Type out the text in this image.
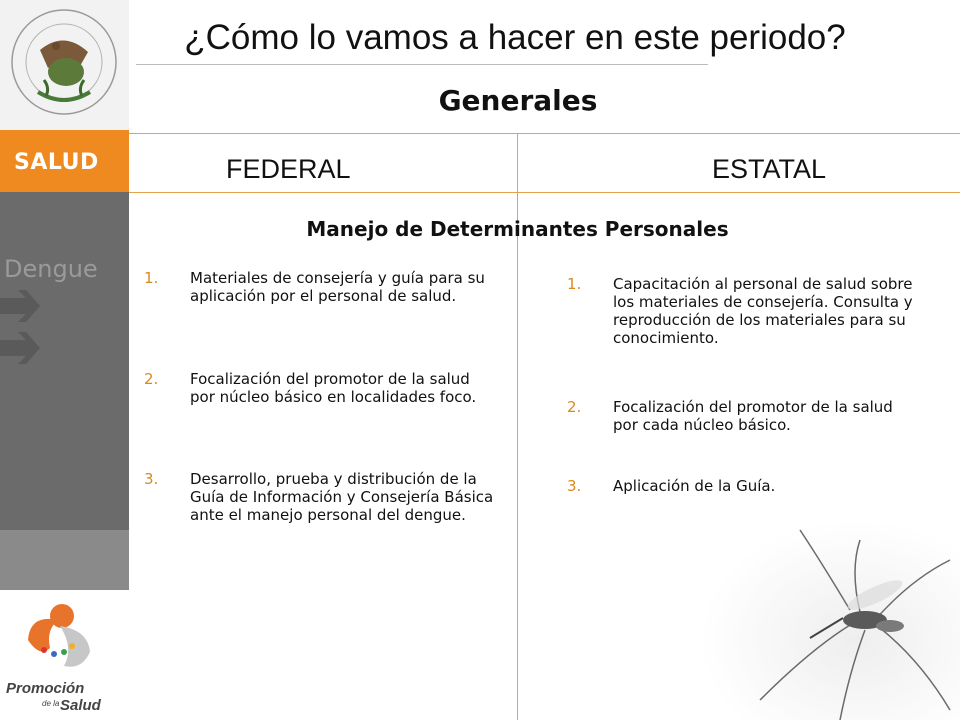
SALUD
Dengue
Promoción
de la Salud
¿Cómo lo vamos a hacer en este periodo?
Generales
FEDERAL	ESTATAL
Manejo de Determinantes Personales
1. Materiales de consejería y guía para su aplicación por el personal de salud.
2. Focalización del promotor de la salud por núcleo básico en localidades foco.
3. Desarrollo, prueba y distribución de la Guía de Información y Consejería Básica ante el manejo personal del dengue.
1. Capacitación al personal de salud sobre los materiales de consejería. Consulta y reproducción de los materiales para su conocimiento.
2. Focalización del promotor de la salud por cada núcleo básico.
3. Aplicación de la Guía.
